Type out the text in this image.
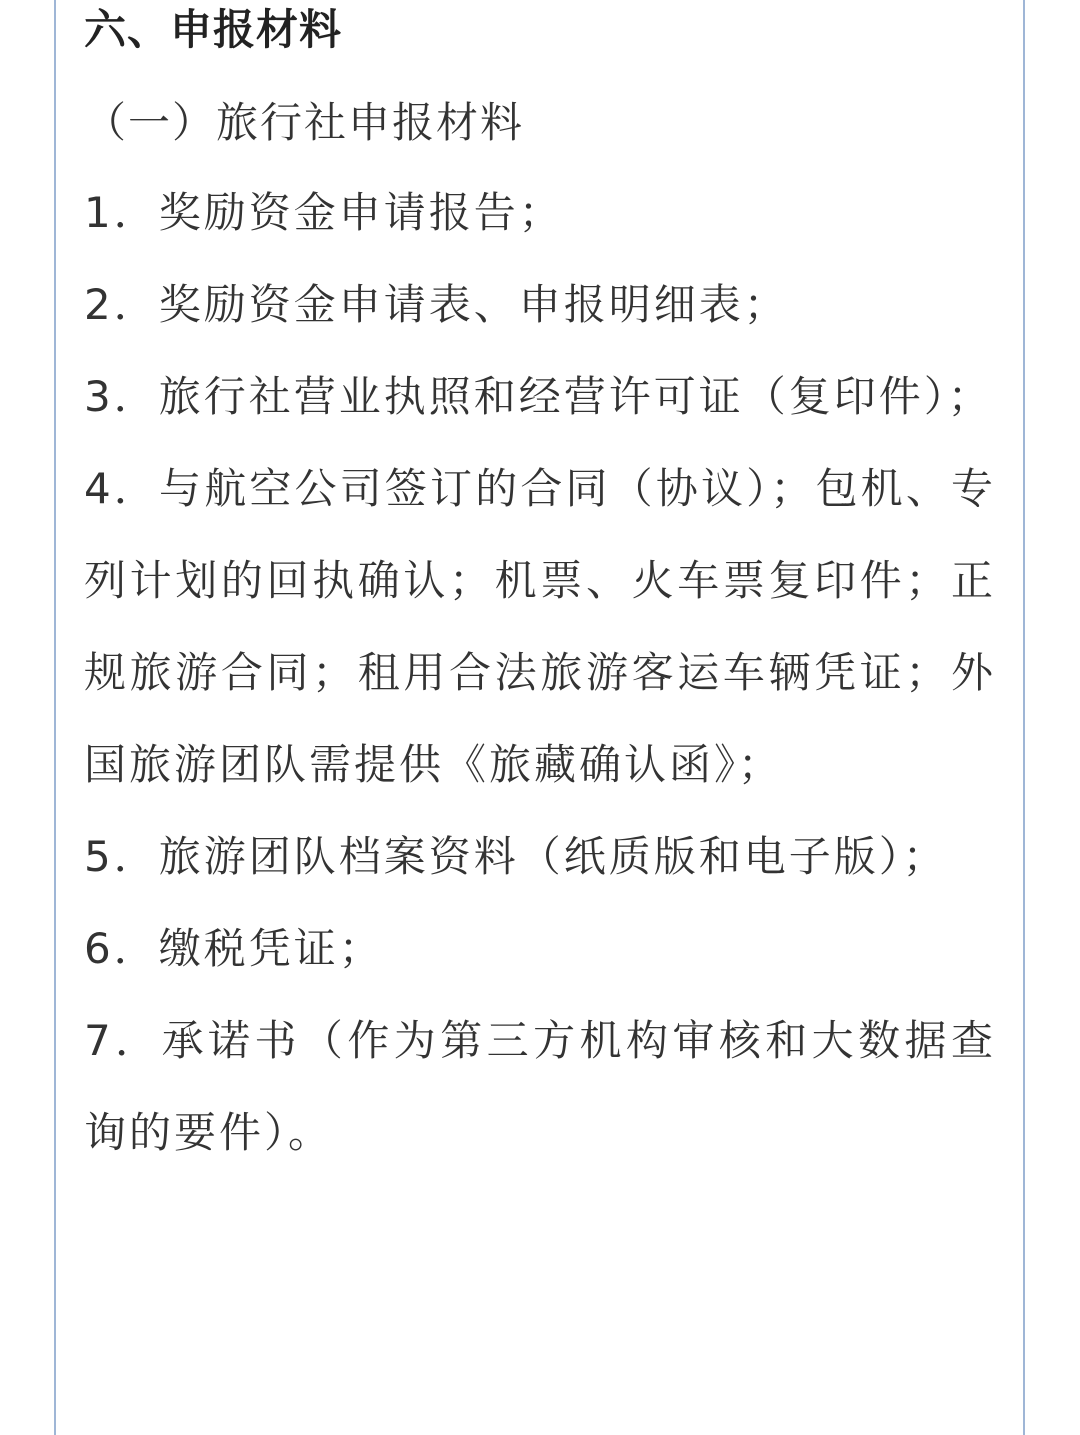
六、申报材料
（一）旅行社申报材料
1．奖励资金申请报告；
2．奖励资金申请表、申报明细表；
3．旅行社营业执照和经营许可证（复印件）；
4．与航空公司签订的合同（协议）；包机、专列计划的回执确认；机票、火车票复印件；正规旅游合同；租用合法旅游客运车辆凭证；外国旅游团队需提供《旅藏确认函》；
5．旅游团队档案资料（纸质版和电子版）；
6．缴税凭证；
7．承诺书（作为第三方机构审核和大数据查询的要件）。
